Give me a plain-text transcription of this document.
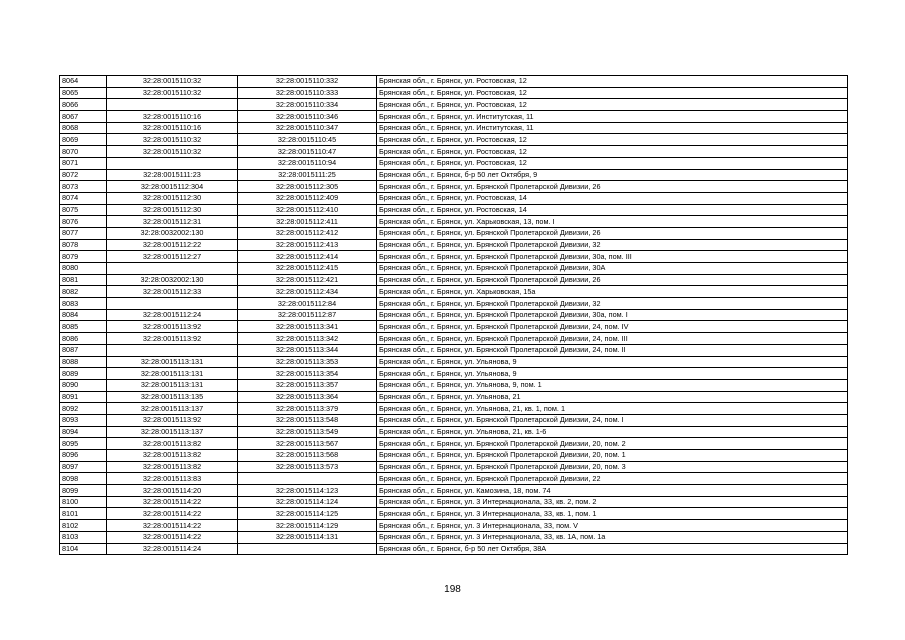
8064	32:28:0015110:32	32:28:0015110:332	Брянская обл., г. Брянск, ул. Ростовская, 12
8065	32:28:0015110:32	32:28:0015110:333	Брянская обл., г. Брянск, ул. Ростовская, 12
8066		32:28:0015110:334	Брянская обл., г. Брянск, ул. Ростовская, 12
8067	32:28:0015110:16	32:28:0015110:346	Брянская обл., г. Брянск, ул. Институтская, 11
8068	32:28:0015110:16	32:28:0015110:347	Брянская обл., г. Брянск, ул. Институтская, 11
8069	32:28:0015110:32	32:28:0015110:45	Брянская обл., г. Брянск, ул. Ростовская, 12
8070	32:28:0015110:32	32:28:0015110:47	Брянская обл., г. Брянск, ул. Ростовская, 12
8071		32:28:0015110:94	Брянская обл., г. Брянск, ул. Ростовская, 12
8072	32:28:0015111:23	32:28:0015111:25	Брянская обл., г. Брянск, б-р 50 лет Октября, 9
8073	32:28:0015112:304	32:28:0015112:305	Брянская обл., г. Брянск, ул. Брянской Пролетарской Дивизии, 26
8074	32:28:0015112:30	32:28:0015112:409	Брянская обл., г. Брянск, ул. Ростовская, 14
8075	32:28:0015112:30	32:28:0015112:410	Брянская обл., г. Брянск, ул. Ростовская, 14
8076	32:28:0015112:31	32:28:0015112:411	Брянская обл., г. Брянск, ул. Харьковская, 13, пом. I
8077	32:28:0032002:130	32:28:0015112:412	Брянская обл., г. Брянск, ул. Брянской Пролетарской Дивизии, 26
8078	32:28:0015112:22	32:28:0015112:413	Брянская обл., г. Брянск, ул. Брянской Пролетарской Дивизии, 32
8079	32:28:0015112:27	32:28:0015112:414	Брянская обл., г. Брянск, ул. Брянской Пролетарской Дивизии, 30а, пом. III
8080		32:28:0015112:415	Брянская обл., г. Брянск, ул. Брянской Пролетарской Дивизии, 30А
8081	32:28:0032002:130	32:28:0015112:421	Брянская обл., г. Брянск, ул. Брянской Пролетарской Дивизии, 26
8082	32:28:0015112:33	32:28:0015112:434	Брянская обл., г. Брянск, ул. Харьковская, 15а
8083		32:28:0015112:84	Брянская обл., г. Брянск, ул. Брянской Пролетарской Дивизии, 32
8084	32:28:0015112:24	32:28:0015112:87	Брянская обл., г. Брянск, ул. Брянской Пролетарской Дивизии, 30а, пом. I
8085	32:28:0015113:92	32:28:0015113:341	Брянская обл., г. Брянск, ул. Брянской Пролетарской Дивизии, 24, пом. IV
8086	32:28:0015113:92	32:28:0015113:342	Брянская обл., г. Брянск, ул. Брянской Пролетарской Дивизии, 24, пом. III
8087		32:28:0015113:344	Брянская обл., г. Брянск, ул. Брянской Пролетарской Дивизии, 24, пом. II
8088	32:28:0015113:131	32:28:0015113:353	Брянская обл., г. Брянск, ул. Ульянова, 9
8089	32:28:0015113:131	32:28:0015113:354	Брянская обл., г. Брянск, ул. Ульянова, 9
8090	32:28:0015113:131	32:28:0015113:357	Брянская обл., г. Брянск, ул. Ульянова, 9, пом. 1
8091	32:28:0015113:135	32:28:0015113:364	Брянская обл., г. Брянск, ул. Ульянова, 21
8092	32:28:0015113:137	32:28:0015113:379	Брянская обл., г. Брянск, ул. Ульянова, 21, кв. 1, пом. 1
8093	32:28:0015113:92	32:28:0015113:548	Брянская обл., г. Брянск, ул. Брянской Пролетарской Дивизии, 24, пом. I
8094	32:28:0015113:137	32:28:0015113:549	Брянская обл., г. Брянск, ул. Ульянова, 21, кв. 1-6
8095	32:28:0015113:82	32:28:0015113:567	Брянская обл., г. Брянск, ул. Брянской Пролетарской Дивизии, 20, пом. 2
8096	32:28:0015113:82	32:28:0015113:568	Брянская обл., г. Брянск, ул. Брянской Пролетарской Дивизии, 20, пом. 1
8097	32:28:0015113:82	32:28:0015113:573	Брянская обл., г. Брянск, ул. Брянской Пролетарской Дивизии, 20, пом. 3
8098	32:28:0015113:83		Брянская обл., г. Брянск, ул. Брянской Пролетарской Дивизии, 22
8099	32:28:0015114:20	32:28:0015114:123	Брянская обл., г. Брянск, ул. Камозина, 18, пом. 74
8100	32:28:0015114:22	32:28:0015114:124	Брянская обл., г. Брянск, ул. 3 Интернационала, 33, кв. 2, пом. 2
8101	32:28:0015114:22	32:28:0015114:125	Брянская обл., г. Брянск, ул. 3 Интернационала, 33, кв. 1, пом. 1
8102	32:28:0015114:22	32:28:0015114:129	Брянская обл., г. Брянск, ул. 3 Интернационала, 33, пом. V
8103	32:28:0015114:22	32:28:0015114:131	Брянская обл., г. Брянск, ул. 3 Интернационала, 33, кв. 1А, пом. 1а
8104	32:28:0015114:24		Брянская обл., г. Брянск, б-р 50 лет Октября, 38А
198
